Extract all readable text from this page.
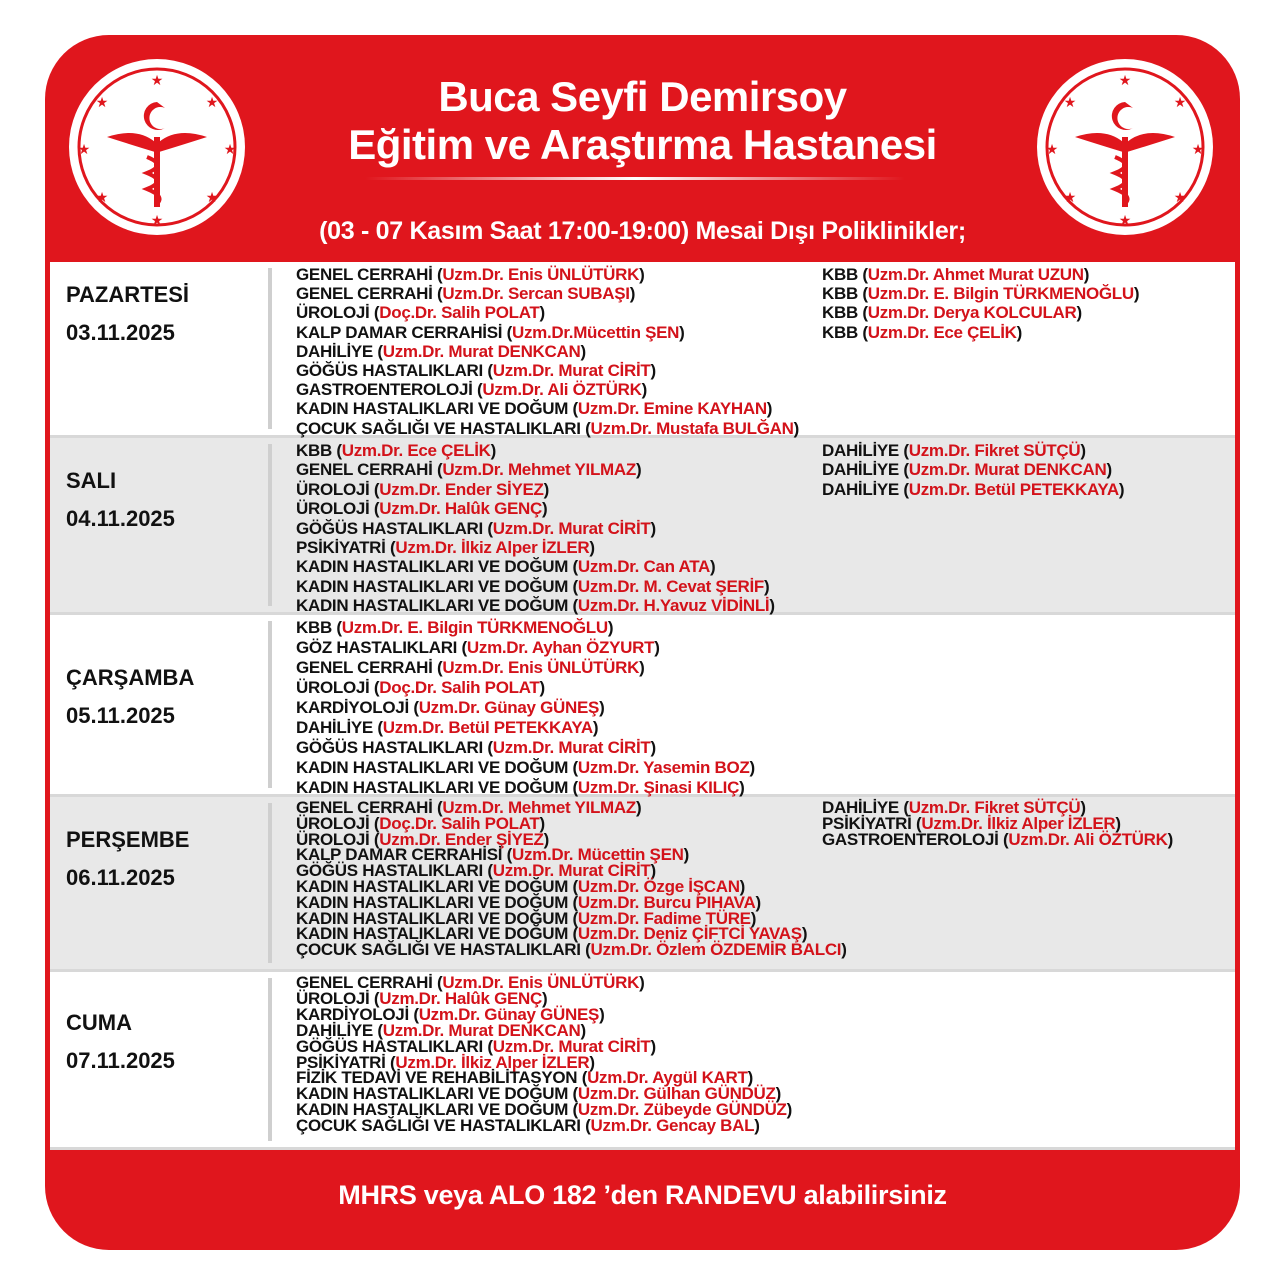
★
★
★
★
★
★
★
★
★
★
★
★
★
★
★
★
Buca Seyfi Demirsoy
Eğitim ve Araştırma Hastanesi
(03 - 07 Kasım Saat 17:00-19:00) Mesai Dışı Poliklinikler;
PAZARTESİ
03.11.2025
GENEL CERRAHİ (Uzm.Dr. Enis ÜNLÜTÜRK)
GENEL CERRAHİ (Uzm.Dr. Sercan SUBAŞI)
ÜROLOJİ (Doç.Dr. Salih POLAT)
KALP DAMAR CERRAHİSİ (Uzm.Dr.Mücettin ŞEN)
DAHİLİYE (Uzm.Dr. Murat DENKCAN)
GÖĞÜS HASTALIKLARI (Uzm.Dr. Murat CİRİT)
GASTROENTEROLOJİ (Uzm.Dr. Ali ÖZTÜRK)
KADIN HASTALIKLARI VE DOĞUM (Uzm.Dr. Emine KAYHAN)
ÇOCUK SAĞLIĞI VE HASTALIKLARI (Uzm.Dr. Mustafa BULĞAN)
KBB (Uzm.Dr. Ahmet Murat UZUN)
KBB (Uzm.Dr. E. Bilgin TÜRKMENOĞLU)
KBB (Uzm.Dr. Derya KOLCULAR)
KBB (Uzm.Dr. Ece ÇELİK)
SALI
04.11.2025
KBB (Uzm.Dr. Ece ÇELİK)
GENEL CERRAHİ (Uzm.Dr. Mehmet YILMAZ)
ÜROLOJİ (Uzm.Dr. Ender SİYEZ)
ÜROLOJİ (Uzm.Dr. Halûk GENÇ)
GÖĞÜS HASTALIKLARI (Uzm.Dr. Murat CİRİT)
PSİKİYATRİ (Uzm.Dr. İlkiz Alper İZLER)
KADIN HASTALIKLARI VE DOĞUM (Uzm.Dr. Can ATA)
KADIN HASTALIKLARI VE DOĞUM (Uzm.Dr. M. Cevat ŞERİF)
KADIN HASTALIKLARI VE DOĞUM (Uzm.Dr. H.Yavuz VİDİNLİ)
DAHİLİYE (Uzm.Dr. Fikret SÜTÇÜ)
DAHİLİYE (Uzm.Dr. Murat DENKCAN)
DAHİLİYE (Uzm.Dr. Betül PETEKKAYA)
ÇARŞAMBA
05.11.2025
KBB (Uzm.Dr. E. Bilgin TÜRKMENOĞLU)
GÖZ HASTALIKLARI (Uzm.Dr. Ayhan ÖZYURT)
GENEL CERRAHİ (Uzm.Dr. Enis ÜNLÜTÜRK)
ÜROLOJİ (Doç.Dr. Salih POLAT)
KARDİYOLOJİ (Uzm.Dr. Günay GÜNEŞ)
DAHİLİYE (Uzm.Dr. Betül PETEKKAYA)
GÖĞÜS HASTALIKLARI (Uzm.Dr. Murat CİRİT)
KADIN HASTALIKLARI VE DOĞUM (Uzm.Dr. Yasemin BOZ)
KADIN HASTALIKLARI VE DOĞUM (Uzm.Dr. Şinasi KILIÇ)
PERŞEMBE
06.11.2025
GENEL CERRAHİ (Uzm.Dr. Mehmet YILMAZ)
ÜROLOJİ (Doç.Dr. Salih POLAT)
ÜROLOJİ (Uzm.Dr. Ender ŞİYEZ)
KALP DAMAR CERRAHİSİ (Uzm.Dr. Mücettin ŞEN)
GÖĞÜS HASTALIKLARI (Uzm.Dr. Murat CİRİT)
KADIN HASTALIKLARI VE DOĞUM (Uzm.Dr. Özge İŞCAN)
KADIN HASTALIKLARI VE DOĞUM (Uzm.Dr. Burcu PIHAVA)
KADIN HASTALIKLARI VE DOĞUM (Uzm.Dr. Fadime TÜRE)
KADIN HASTALIKLARI VE DOĞUM (Uzm.Dr. Deniz ÇİFTCİ YAVAŞ)
ÇOCUK SAĞLIĞI VE HASTALIKLARI (Uzm.Dr. Özlem ÖZDEMİR BALCI)
DAHİLİYE (Uzm.Dr. Fikret SÜTÇÜ)
PSİKİYATRİ (Uzm.Dr. İlkiz Alper İZLER)
GASTROENTEROLOJİ (Uzm.Dr. Ali ÖZTÜRK)
CUMA
07.11.2025
GENEL CERRAHİ (Uzm.Dr. Enis ÜNLÜTÜRK)
ÜROLOJİ (Uzm.Dr. Halûk GENÇ)
KARDİYOLOJİ (Uzm.Dr. Günay GÜNEŞ)
DAHİLİYE (Uzm.Dr. Murat DENKCAN)
GÖĞÜS HASTALIKLARI (Uzm.Dr. Murat CİRİT)
PSİKİYATRİ (Uzm.Dr. İlkiz Alper İZLER)
FİZİK TEDAVİ VE REHABİLİTASYON (Uzm.Dr. Aygül KART)
KADIN HASTALIKLARI VE DOĞUM (Uzm.Dr. Gülhan GÜNDÜZ)
KADIN HASTALIKLARI VE DOĞUM (Uzm.Dr. Zübeyde GÜNDÜZ)
ÇOCUK SAĞLIĞI VE HASTALIKLARI (Uzm.Dr. Gencay BAL)
MHRS veya ALO 182 ’den RANDEVU alabilirsiniz
